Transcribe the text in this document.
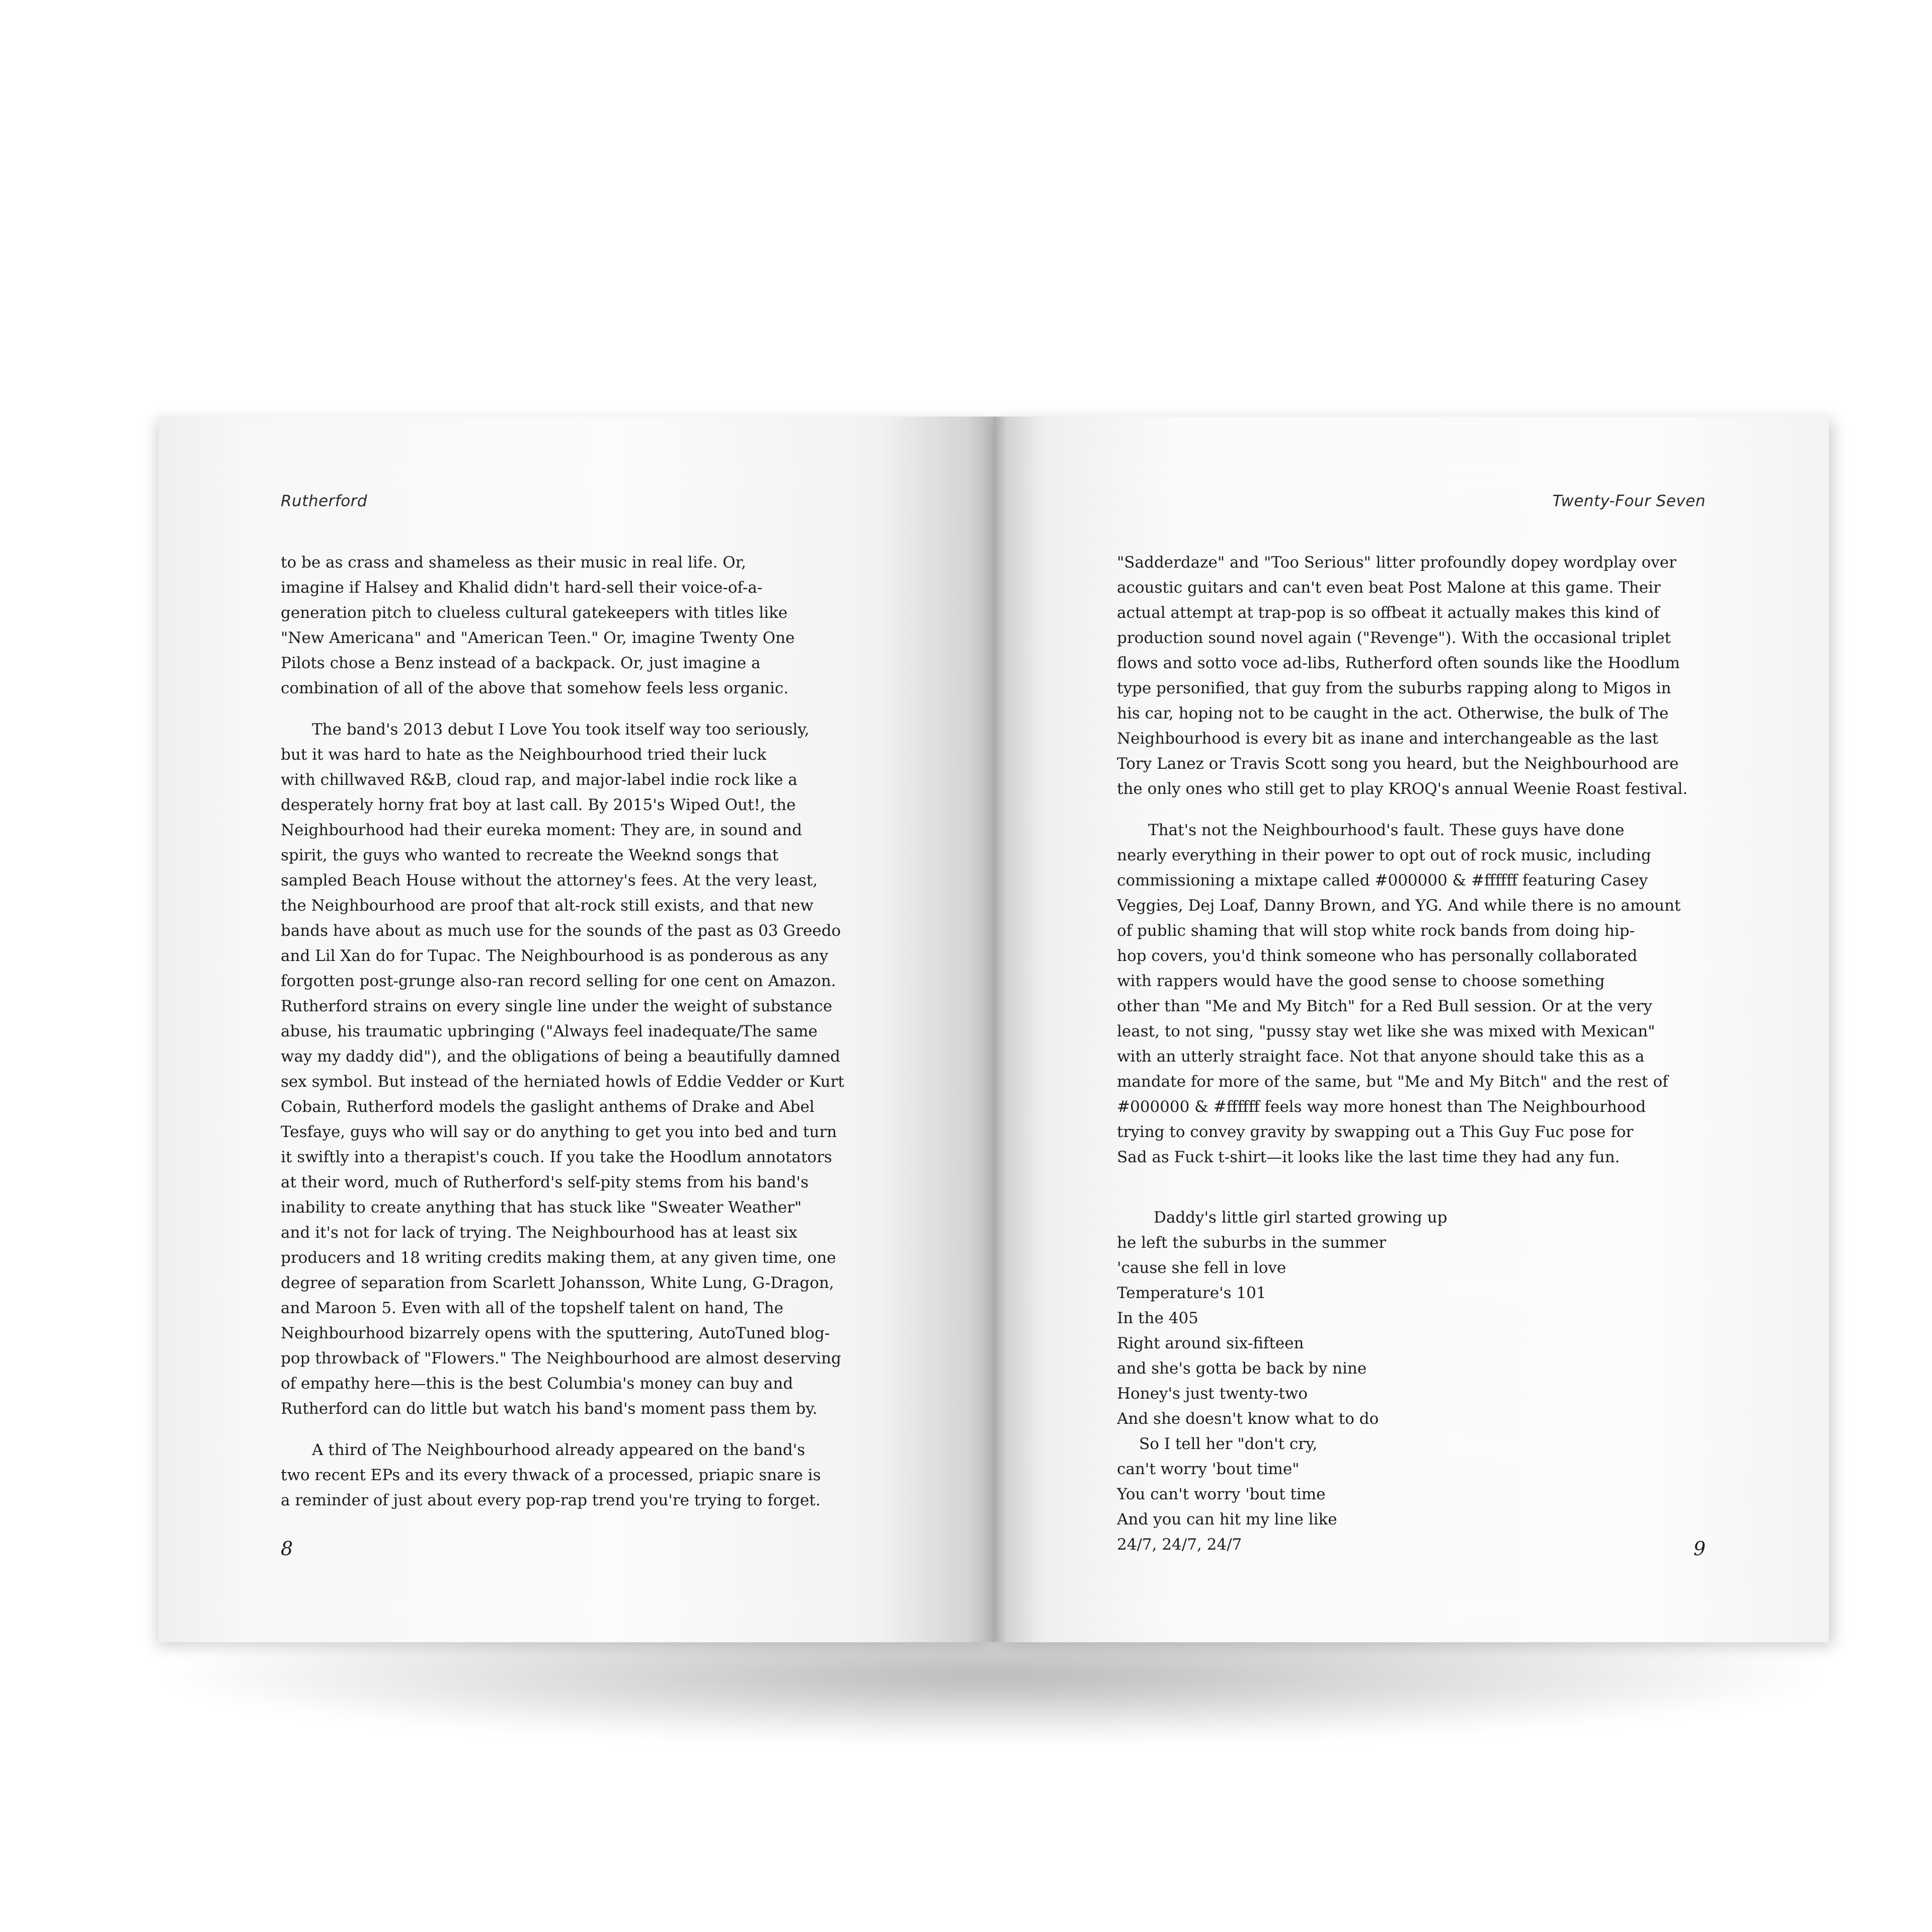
Rutherford
to be as crass and shameless as their music in real life. Or,
imagine if Halsey and Khalid didn't hard-sell their voice-of-a-
generation pitch to clueless cultural gatekeepers with titles like
"New Americana" and "American Teen." Or, imagine Twenty One
Pilots chose a Benz instead of a backpack. Or, just imagine a
combination of all of the above that somehow feels less organic.
The band's 2013 debut I Love You took itself way too seriously,
but it was hard to hate as the Neighbourhood tried their luck
with chillwaved R&B, cloud rap, and major-label indie rock like a
desperately horny frat boy at last call. By 2015's Wiped Out!, the
Neighbourhood had their eureka moment: They are, in sound and
spirit, the guys who wanted to recreate the Weeknd songs that
sampled Beach House without the attorney's fees. At the very least,
the Neighbourhood are proof that alt-rock still exists, and that new
bands have about as much use for the sounds of the past as 03 Greedo
and Lil Xan do for Tupac. The Neighbourhood is as ponderous as any
forgotten post-grunge also-ran record selling for one cent on Amazon.
Rutherford strains on every single line under the weight of substance
abuse, his traumatic upbringing ("Always feel inadequate/The same
way my daddy did"), and the obligations of being a beautifully damned
sex symbol. But instead of the herniated howls of Eddie Vedder or Kurt
Cobain, Rutherford models the gaslight anthems of Drake and Abel
Tesfaye, guys who will say or do anything to get you into bed and turn
it swiftly into a therapist's couch. If you take the Hoodlum annotators
at their word, much of Rutherford's self-pity stems from his band's
inability to create anything that has stuck like "Sweater Weather"
and it's not for lack of trying. The Neighbourhood has at least six
producers and 18 writing credits making them, at any given time, one
degree of separation from Scarlett Johansson, White Lung, G-Dragon,
and Maroon 5. Even with all of the topshelf talent on hand, The
Neighbourhood bizarrely opens with the sputtering, AutoTuned blog-
pop throwback of "Flowers." The Neighbourhood are almost deserving
of empathy here—this is the best Columbia's money can buy and
Rutherford can do little but watch his band's moment pass them by.
A third of The Neighbourhood already appeared on the band's
two recent EPs and its every thwack of a processed, priapic snare is
a reminder of just about every pop-rap trend you're trying to forget.
8
Twenty-Four Seven
"Sadderdaze" and "Too Serious" litter profoundly dopey wordplay over
acoustic guitars and can't even beat Post Malone at this game. Their
actual attempt at trap-pop is so offbeat it actually makes this kind of
production sound novel again ("Revenge"). With the occasional triplet
flows and sotto voce ad-libs, Rutherford often sounds like the Hoodlum
type personified, that guy from the suburbs rapping along to Migos in
his car, hoping not to be caught in the act. Otherwise, the bulk of The
Neighbourhood is every bit as inane and interchangeable as the last
Tory Lanez or Travis Scott song you heard, but the Neighbourhood are
the only ones who still get to play KROQ's annual Weenie Roast festival.
That's not the Neighbourhood's fault. These guys have done
nearly everything in their power to opt out of rock music, including
commissioning a mixtape called #000000 & #ffffff featuring Casey
Veggies, Dej Loaf, Danny Brown, and YG. And while there is no amount
of public shaming that will stop white rock bands from doing hip-
hop covers, you'd think someone who has personally collaborated
with rappers would have the good sense to choose something
other than "Me and My Bitch" for a Red Bull session. Or at the very
least, to not sing, "pussy stay wet like she was mixed with Mexican"
with an utterly straight face. Not that anyone should take this as a
mandate for more of the same, but "Me and My Bitch" and the rest of
#000000 & #ffffff feels way more honest than The Neighbourhood
trying to convey gravity by swapping out a This Guy Fuc pose for
Sad as Fuck t-shirt—it looks like the last time they had any fun.
Daddy's little girl started growing up
he left the suburbs in the summer
'cause she fell in love
Temperature's 101
In the 405
Right around six-fifteen
and she's gotta be back by nine
Honey's just twenty-two
And she doesn't know what to do
So I tell her "don't cry,
can't worry 'bout time"
You can't worry 'bout time
And you can hit my line like
24/7, 24/7, 24/7	9
